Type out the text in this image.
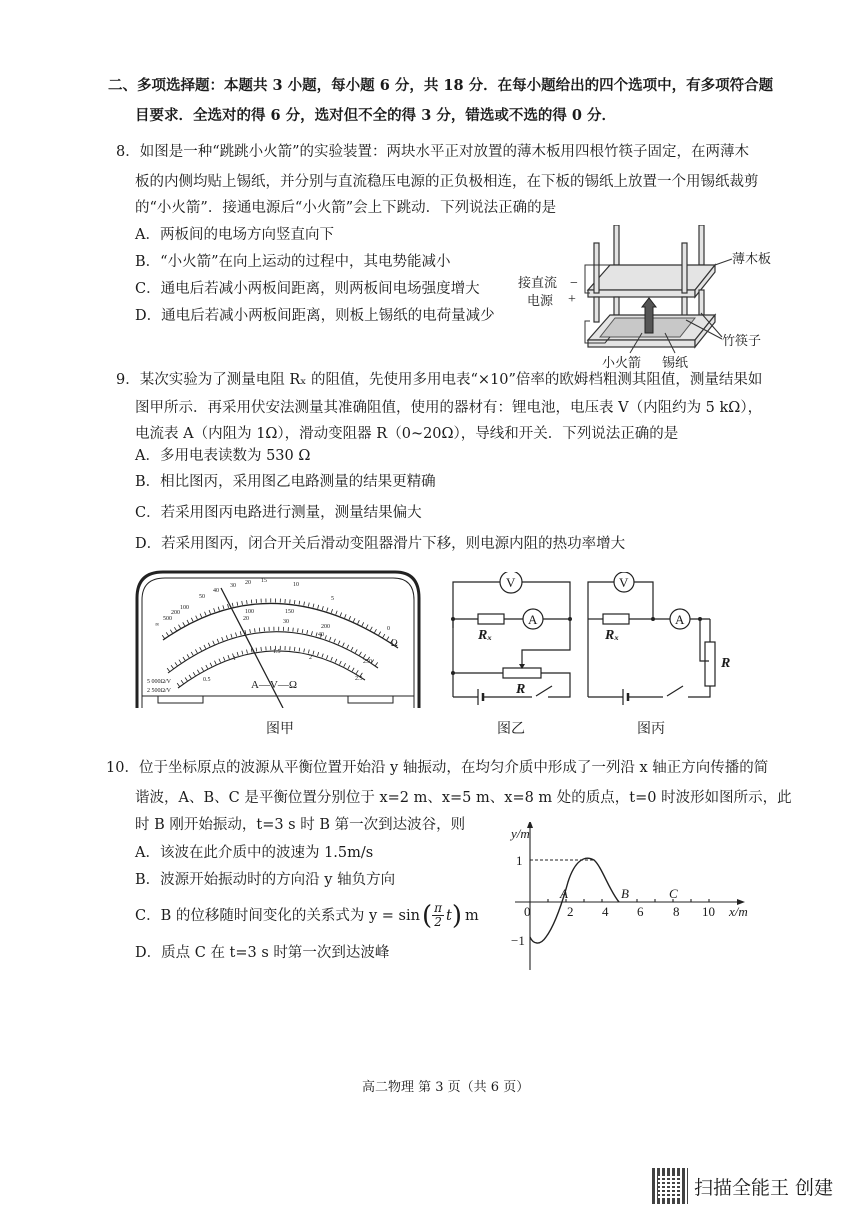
二、多项选择题：本题共 3 小题，每小题 6 分，共 18 分．在每小题给出的四个选项中，有多项符合题
目要求．全选对的得 6 分，选对但不全的得 3 分，错选或不选的得 0 分．
8．如图是一种“跳跳小火箭”的实验装置：两块水平正对放置的薄木板用四根竹筷子固定，在两薄木
板的内侧均贴上锡纸，并分别与直流稳压电源的正负极相连，在下板的锡纸上放置一个用锡纸裁剪
的“小火箭”．接通电源后“小火箭”会上下跳动．下列说法正确的是
A．两板间的电场方向竖直向下
B．“小火箭”在向上运动的过程中，其电势能减小
C．通电后若减小两板间距离，则两板间电场强度增大
D．通电后若减小两板间距离，则板上锡纸的电荷量减少
接直流 −
电源 +
薄木板
竹筷子
小火箭 锡纸
9．某次实验为了测量电阻 Rₓ 的阻值，先使用多用电表“×10”倍率的欧姆档粗测其阻值，测量结果如
图甲所示．再采用伏安法测量其准确阻值，使用的器材有：锂电池，电压表 V（内阻约为 5 kΩ），
电流表 A（内阻为 1Ω），滑动变阻器 R（0~20Ω），导线和开关．下列说法正确的是
A．多用电表读数为 530 Ω
B．相比图丙，采用图乙电路测量的结果更精确
C．若采用图丙电路进行测量，测量结果偏大
D．若采用图丙，闭合开关后滑动变阻器滑片下移，则电源内阻的热功率增大
∞
500
200
100
50
40
30 20 15
10
5
0
100	150
200
250
20	30
40
0.5
1
1.5
2
2.5
5 000Ω/V
2 500Ω/V
Ω
A—V—Ω
V
A
Rₓ
R
V
A
Rₓ
R
图甲	图乙	图丙
10．位于坐标原点的波源从平衡位置开始沿 y 轴振动，在均匀介质中形成了一列沿 x 轴正方向传播的简
谐波，A、B、C 是平衡位置分别位于 x=2 m、x=5 m、x=8 m 处的质点，t=0 时波形如图所示，此
时 B 刚开始振动，t=3 s 时 B 第一次到达波谷，则
A．该波在此介质中的波速为 1.5m/s
B．波源开始振动时的方向沿 y 轴负方向
C．B 的位移随时间变化的关系式为 y = sin ( $\frac{\pi}{2}$ t ) m
D．质点 C 在 t=3 s 时第一次到达波峰
y/m
x/m
1
−1
0	2 4 6 8 10
A	B	C
高二物理 第 3 页（共 6 页）
扫描全能王 创建
